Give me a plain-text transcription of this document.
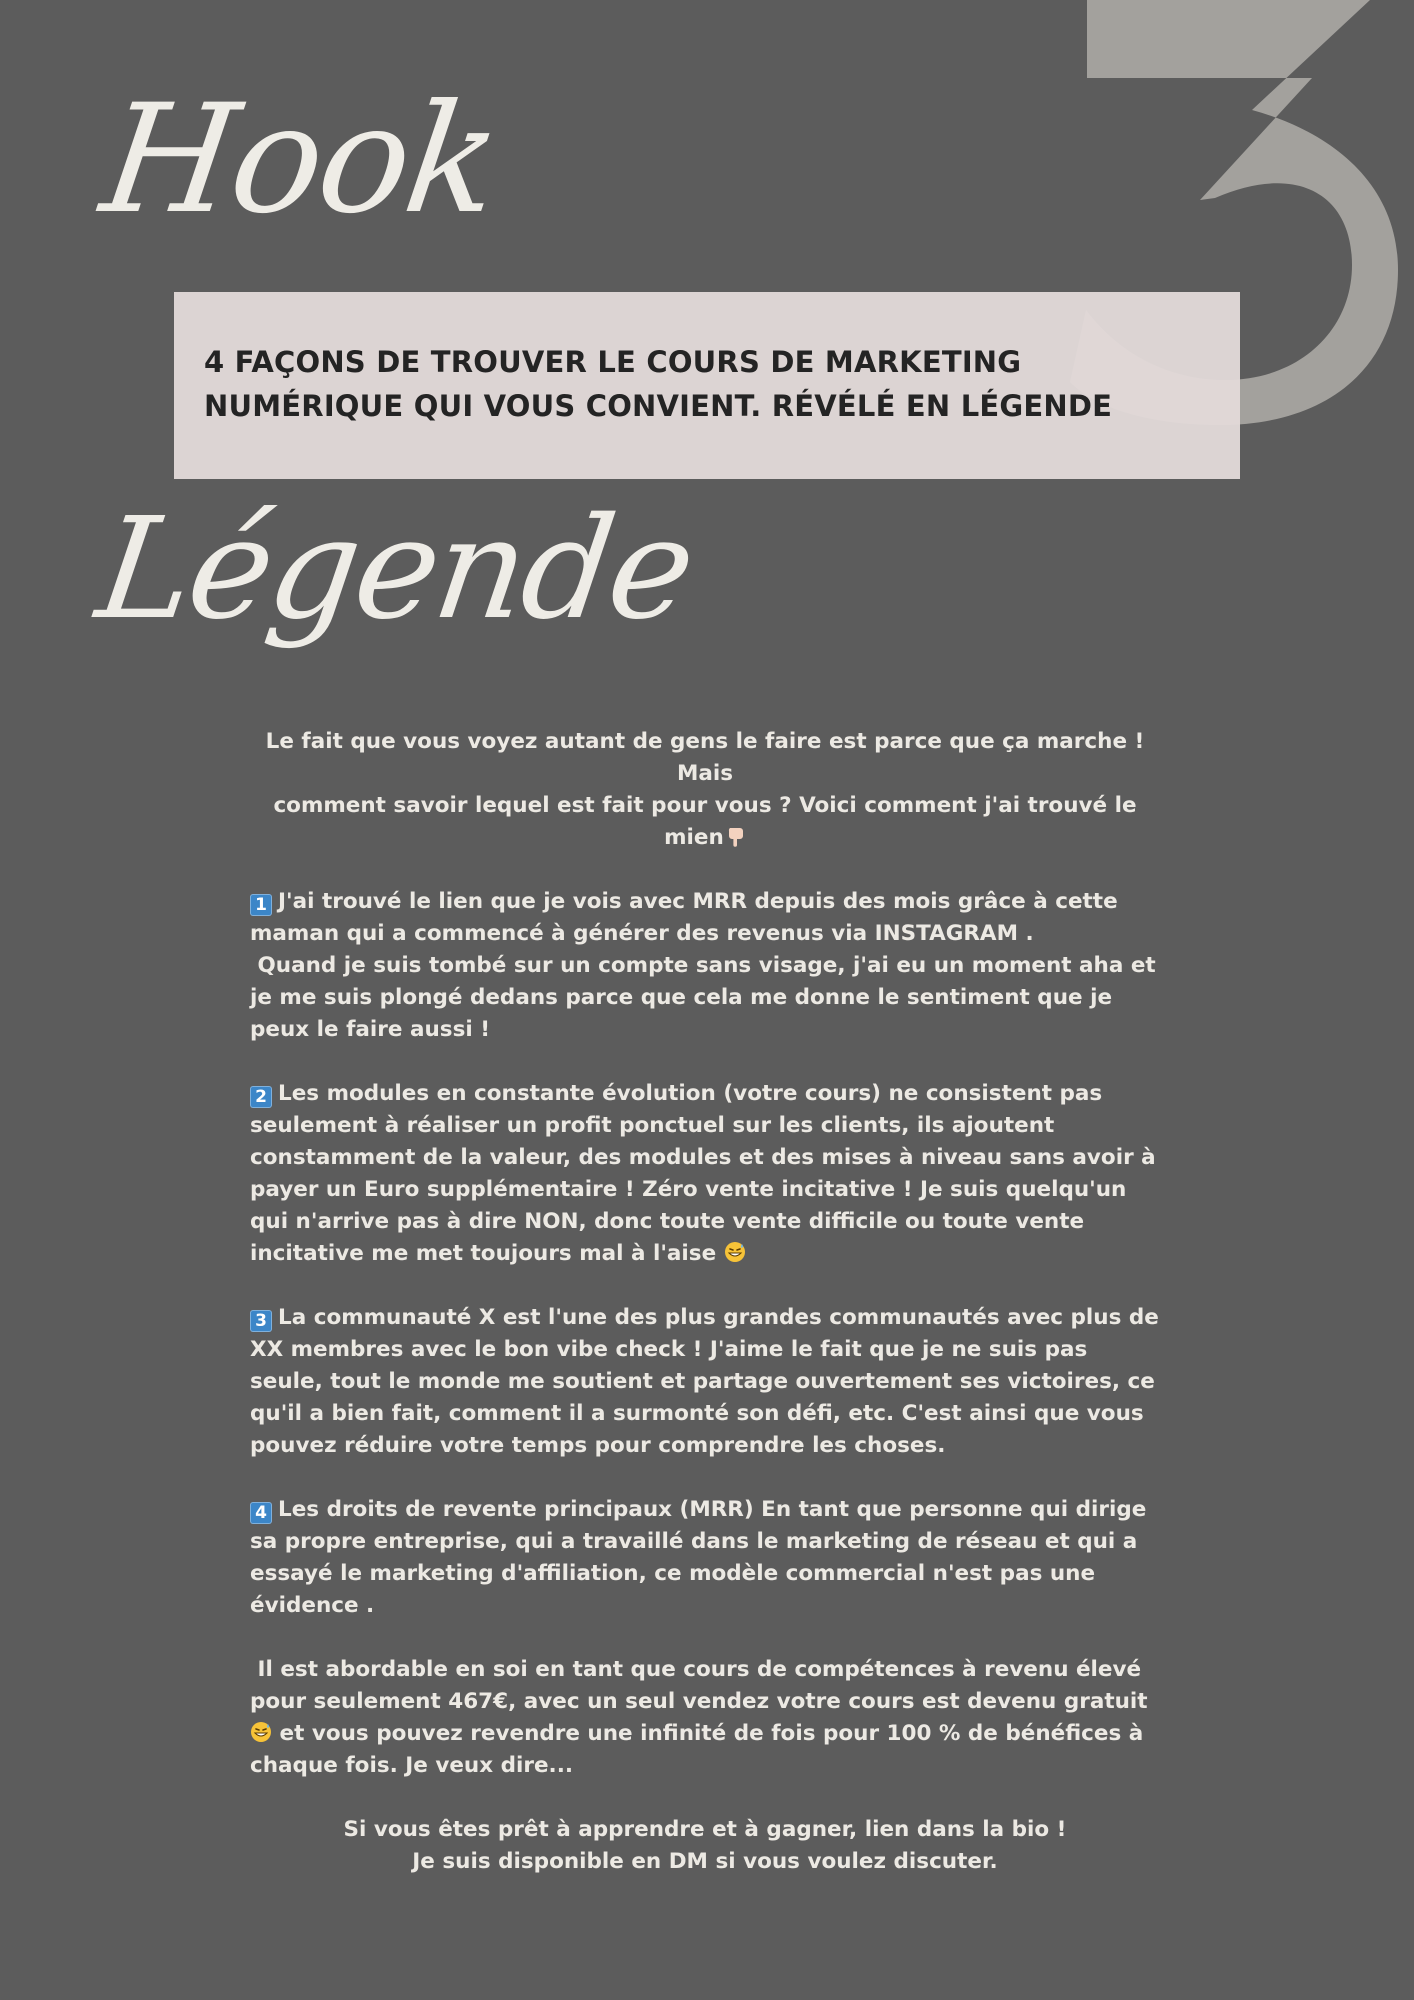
Hook

4 FAÇONS DE TROUVER LE COURS DE MARKETING

NUMÉRIQUE QUI VOUS CONVIENT. RÉVÉLÉ EN LÉGENDE

Légende

Le fait que vous voyez autant de gens le faire est parce que ça marche ! Mais
comment savoir lequel est fait pour vous ? Voici comment j'ai trouvé le mien

1 J'ai trouvé le lien que je vois avec MRR depuis des mois grâce à cette maman qui a commencé à générer des revenus via INSTAGRAM .
Quand je suis tombé sur un compte sans visage, j'ai eu un moment aha et je me suis plongé dedans parce que cela me donne le sentiment que je peux le faire aussi !

2 Les modules en constante évolution (votre cours) ne consistent pas seulement à réaliser un profit ponctuel sur les clients, ils ajoutent constamment de la valeur, des modules et des mises à niveau sans avoir à payer un Euro supplémentaire ! Zéro vente incitative ! Je suis quelqu'un qui n'arrive pas à dire NON, donc toute vente difficile ou toute vente incitative me met toujours mal à l'aise

3 La communauté X est l'une des plus grandes communautés avec plus de XX membres avec le bon vibe check ! J'aime le fait que je ne suis pas seule, tout le monde me soutient et partage ouvertement ses victoires, ce qu'il a bien fait, comment il a surmonté son défi, etc. C'est ainsi que vous pouvez réduire votre temps pour comprendre les choses.

4 Les droits de revente principaux (MRR) En tant que personne qui dirige sa propre entreprise, qui a travaillé dans le marketing de réseau et qui a essayé le marketing d'affiliation, ce modèle commercial n'est pas une évidence .

Il est abordable en soi en tant que cours de compétences à revenu élevé pour seulement 467€, avec un seul vendez votre cours est devenu gratuit  et vous pouvez revendre une infinité de fois pour 100 % de bénéfices à chaque fois. Je veux dire...

Si vous êtes prêt à apprendre et à gagner, lien dans la bio !
Je suis disponible en DM si vous voulez discuter.
